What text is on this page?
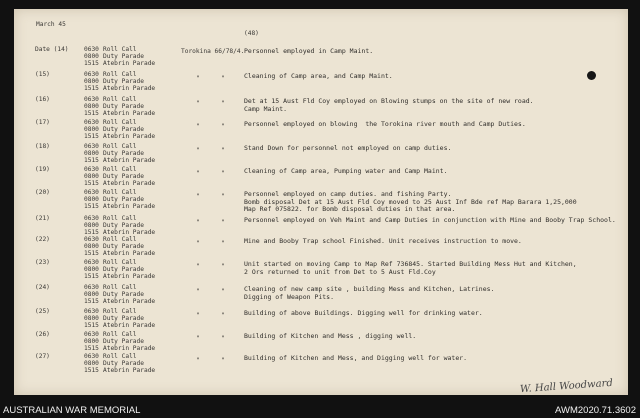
March 45
(48)
Date (14) 0630 Roll Call
0800 Duty Parade
1515 Atebrin Parade
Torokina 66/78/4. Personnel employed in Camp Maint.
(15)	0630 Roll Call
0800 Duty Parade
1515 Atebrin Parade
"	"	Cleaning of Camp area, and Camp Maint.
(16)	0630 Roll Call
0800 Duty Parade
1515 Atebrin Parade
"	"	Det at 15 Aust Fld Coy employed on Blowing stumps on the site of new road.
Camp Maint.
(17)	0630 Roll Call
0800 Duty Parade
1515 Atebrin Parade
"	"	Personnel employed on blowing  the Torokina river mouth and Camp Duties.
(18)	0630 Roll Call
0800 Duty Parade
1515 Atebrin Parade
"	"	Stand Down for personnel not employed on camp duties.
(19)	0630 Roll Call
0800 Duty Parade
1515 Atebrin Parade
"	"	Cleaning of Camp area, Pumping water and Camp Maint.
(20)	0630 Roll Call
0800 Duty Parade
1515 Atebrin Parade
"	"	Personnel employed on camp duties. and fishing Party.
Bomb disposal Det at 15 Aust Fld Coy moved to 25 Aust Inf Bde ref Map Barara 1,25,000
Map Ref 075822. for Bomb disposal duties in that area.
(21)	0630 Roll Call
0800 Duty Parade
1515 Atebrin Parade
"	"	Personnel employed on Veh Maint and Camp Duties in conjunction with Mine and Booby Trap School.
(22)	0630 Roll Call
0800 Duty Parade
1515 Atebrin Parade
"	"	Mine and Booby Trap school Finished. Unit receives instruction to move.
(23)	0630 Roll Call
0800 Duty Parade
1515 Atebrin Parade
"	"	Unit started on moving Camp to Map Ref 736845. Started Building Mess Hut and Kitchen,
2 Ors returned to unit from Det to 5 Aust Fld.Coy
(24)	0630 Roll Call
0800 Duty Parade
1515 Atebrin Parade
"	"	Cleaning of new camp site , building Mess and Kitchen, Latrines.
Digging of Weapon Pits.
(25)	0630 Roll Call
0800 Duty Parade
1515 Atebrin Parade
"	"	Building of above Buildings. Digging well for drinking water.
(26)	0630 Roll Call
0800 Duty Parade
1515 Atebrin Parade
"	"	Building of Kitchen and Mess , digging well.
(27)	0630 Roll Call
0800 Duty Parade
1515 Atebrin Parade
"	"	Building of Kitchen and Mess, and Digging well for water.
W. Hall Woodward
AUSTRALIAN WAR MEMORIAL	AWM2020.71.3602
